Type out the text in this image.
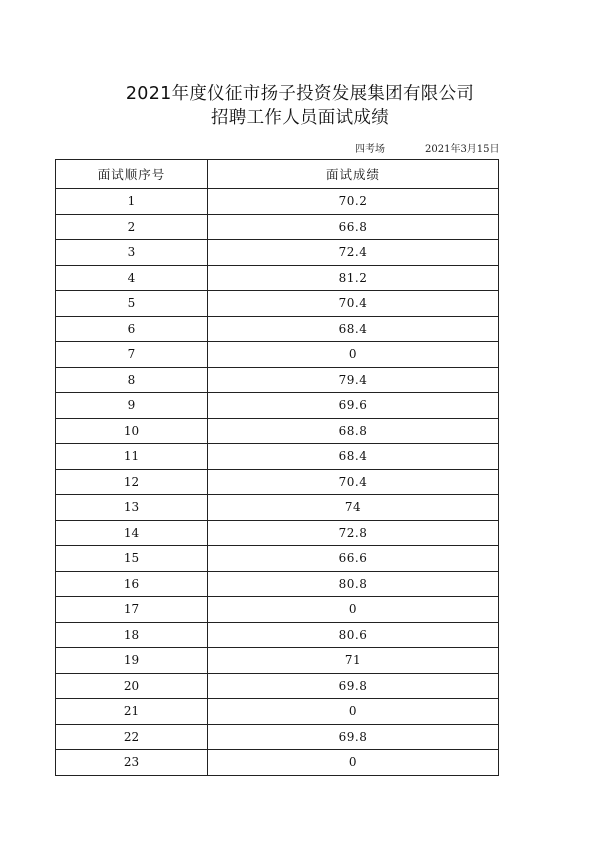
2021年度仪征市扬子投资发展集团有限公司
招聘工作人员面试成绩
四考场	2021年3月15日
面试顺序号	面试成绩
1	70.2
2	66.8
3	72.4
4	81.2
5	70.4
6	68.4
7	0
8	79.4
9	69.6
10	68.8
11	68.4
12	70.4
13	74
14	72.8
15	66.6
16	80.8
17	0
18	80.6
19	71
20	69.8
21	0
22	69.8
23	0
